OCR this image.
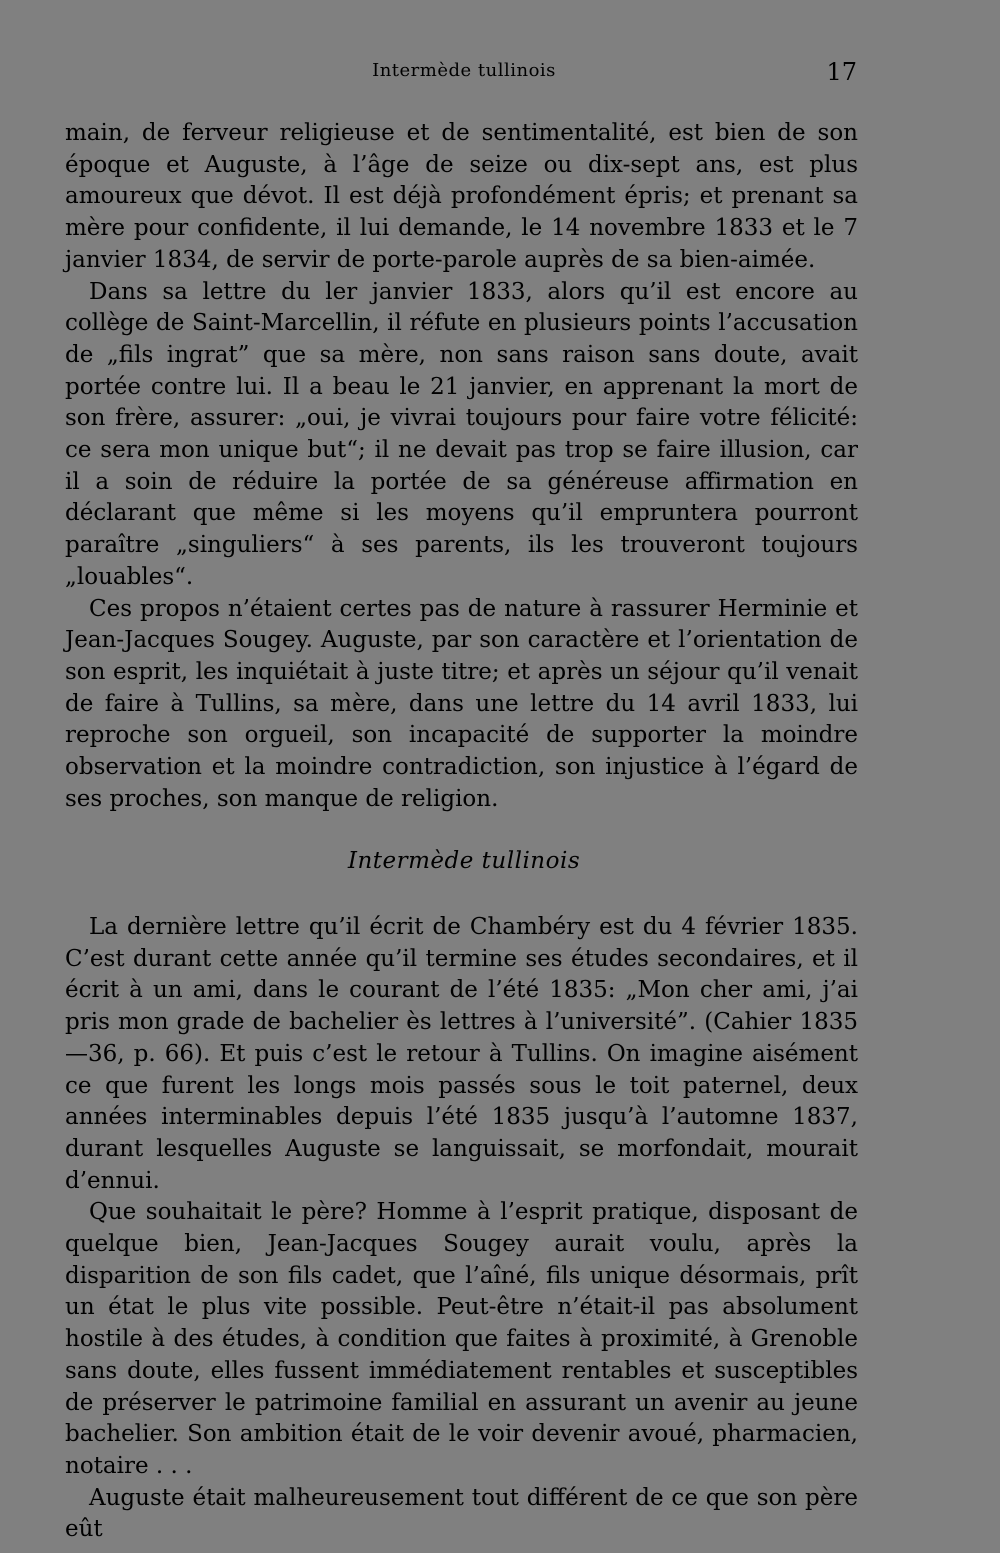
Intermède tullinois	17

main, de ferveur religieuse et de sentimentalité, est bien de son époque et Auguste, à l’âge de seize ou dix-sept ans, est plus amoureux que dévot. Il est déjà profondément épris; et prenant sa mère pour confidente, il lui demande, le 14 novembre 1833 et le 7 janvier 1834, de servir de porte-parole auprès de sa bien-aimée.

Dans sa lettre du ler janvier 1833, alors qu’il est encore au collège de Saint-Marcellin, il réfute en plusieurs points l’accusation de „fils ingrat” que sa mère, non sans raison sans doute, avait portée contre lui. Il a beau le 21 janvier, en apprenant la mort de son frère, assurer: „oui, je vivrai toujours pour faire votre félicité: ce sera mon unique but“; il ne devait pas trop se faire illusion, car il a soin de réduire la portée de sa généreuse affirmation en déclarant que même si les moyens qu’il empruntera pourront paraître „singuliers“ à ses parents, ils les trouveront toujours „louables“.

Ces propos n’étaient certes pas de nature à rassurer Herminie et Jean-Jacques Sougey. Auguste, par son caractère et l’orientation de son esprit, les inquiétait à juste titre; et après un séjour qu’il venait de faire à Tullins, sa mère, dans une lettre du 14 avril 1833, lui reproche son orgueil, son incapacité de supporter la moindre observation et la moindre contradiction, son injustice à l’égard de ses proches, son manque de religion.

Intermède tullinois

La dernière lettre qu’il écrit de Chambéry est du 4 février 1835. C’est durant cette année qu’il termine ses études secondaires, et il écrit à un ami, dans le courant de l’été 1835: „Mon cher ami, j’ai pris mon grade de bachelier ès lettres à l’université”. (Cahier 1835—36, p. 66). Et puis c’est le retour à Tullins. On imagine aisément ce que furent les longs mois passés sous le toit paternel, deux années interminables depuis l’été 1835 jusqu’à l’automne 1837, durant lesquelles Auguste se languissait, se morfondait, mourait d’ennui.

Que souhaitait le père? Homme à l’esprit pratique, disposant de quelque bien, Jean-Jacques Sougey aurait voulu, après la disparition de son fils cadet, que l’aîné, fils unique désormais, prît un état le plus vite possible. Peut-être n’était-il pas absolument hostile à des études, à condition que faites à proximité, à Grenoble sans doute, elles fussent immédiatement rentables et susceptibles de préserver le patrimoine familial en assurant un avenir au jeune bachelier. Son ambition était de le voir devenir avoué, pharmacien, notaire . . .

Auguste était malheureusement tout différent de ce que son père eût
